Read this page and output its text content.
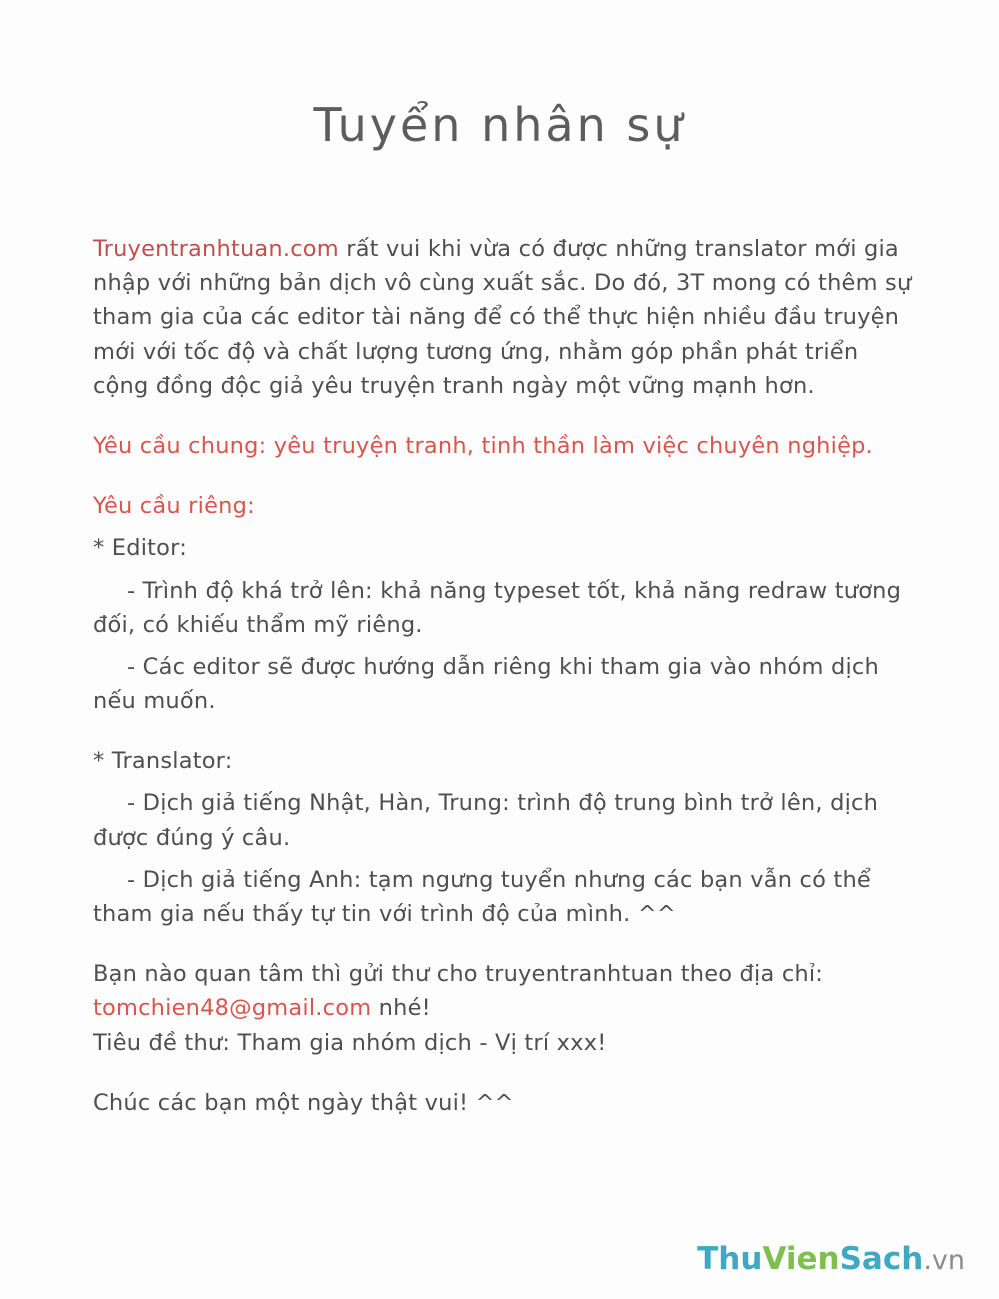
Tuyển nhân sự

Truyentranhtuan.com rất vui khi vừa có được những translator mới gia nhập với những bản dịch vô cùng xuất sắc. Do đó, 3T mong có thêm sự tham gia của các editor tài năng để có thể thực hiện nhiều đầu truyện mới với tốc độ và chất lượng tương ứng, nhằm góp phần phát triển cộng đồng độc giả yêu truyện tranh ngày một vững mạnh hơn.

Yêu cầu chung: yêu truyện tranh, tinh thần làm việc chuyên nghiệp.

Yêu cầu riêng:

* Editor:

- Trình độ khá trở lên: khả năng typeset tốt, khả năng redraw tương đối, có khiếu thẩm mỹ riêng.

- Các editor sẽ được hướng dẫn riêng khi tham gia vào nhóm dịch nếu muốn.

* Translator:

- Dịch giả tiếng Nhật, Hàn, Trung: trình độ trung bình trở lên, dịch được đúng ý câu.

- Dịch giả tiếng Anh: tạm ngưng tuyển nhưng các bạn vẫn có thể tham gia nếu thấy tự tin với trình độ của mình. ^^

Bạn nào quan tâm thì gửi thư cho truyentranhtuan theo địa chỉ:

tomchien48@gmail.com nhé!

Tiêu đề thư: Tham gia nhóm dịch - Vị trí xxx!

Chúc các bạn một ngày thật vui! ^^

ThuVienSach.vn
